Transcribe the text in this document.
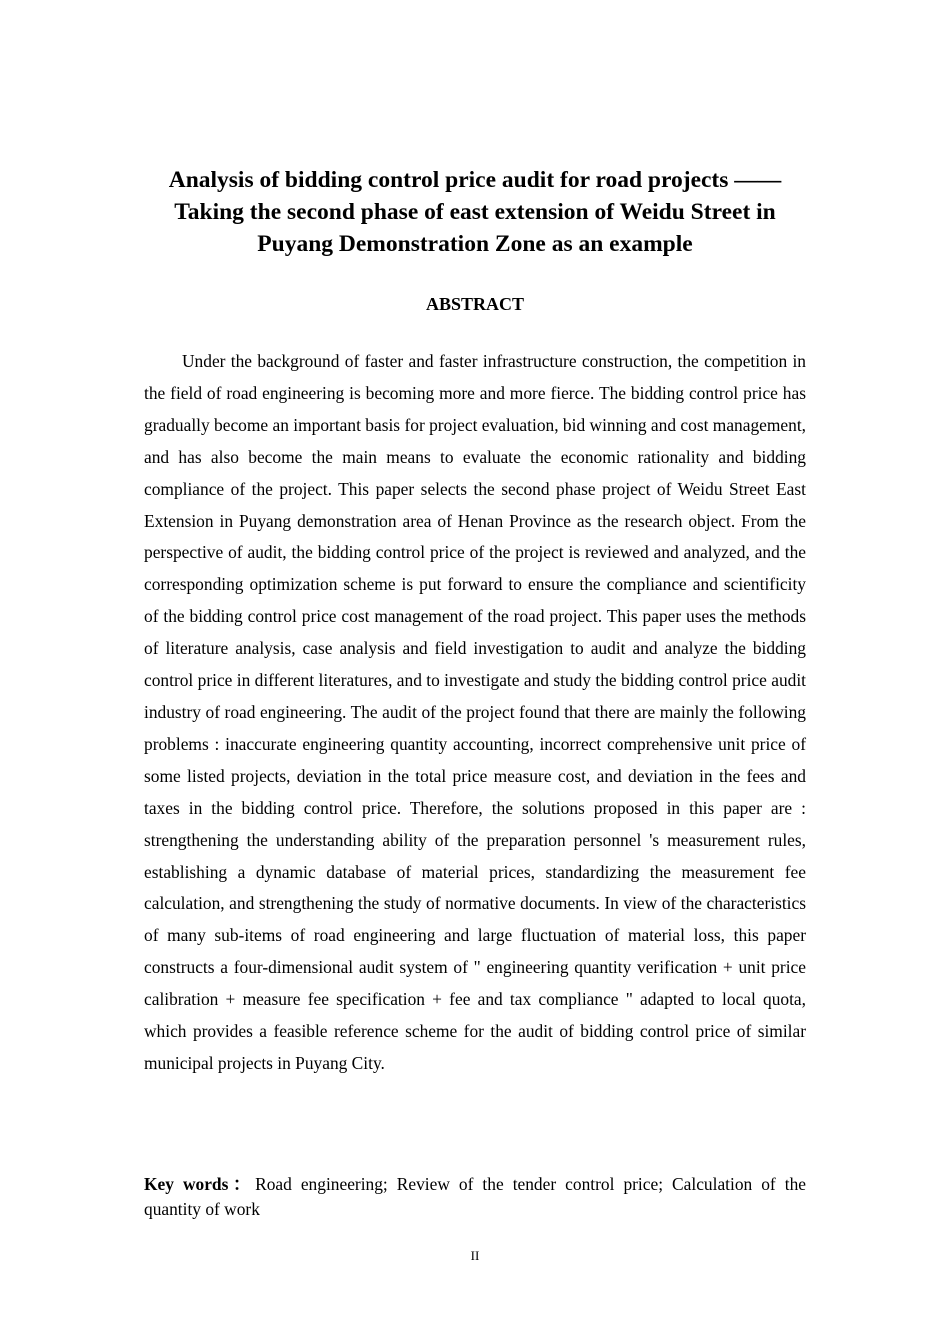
Analysis of bidding control price audit for road projects —— Taking the second phase of east extension of Weidu Street in Puyang Demonstration Zone as an example
ABSTRACT

Under the background of faster and faster infrastructure construction, the competition in the field of road engineering is becoming more and more fierce. The bidding control price has gradually become an important basis for project evaluation, bid winning and cost management, and has also become the main means to evaluate the economic rationality and bidding compliance of the project. This paper selects the second phase project of Weidu Street East Extension in Puyang demonstration area of Henan Province as the research object. From the perspective of audit, the bidding control price of the project is reviewed and analyzed, and the corresponding optimization scheme is put forward to ensure the compliance and scientificity of the bidding control price cost management of the road project. This paper uses the methods of literature analysis, case analysis and field investigation to audit and analyze the bidding control price in different literatures, and to investigate and study the bidding control price audit industry of road engineering. The audit of the project found that there are mainly the following problems : inaccurate engineering quantity accounting, incorrect comprehensive unit price of some listed projects, deviation in the total price measure cost, and deviation in the fees and taxes in the bidding control price. Therefore, the solutions proposed in this paper are : strengthening the understanding ability of the preparation personnel 's measurement rules, establishing a dynamic database of material prices, standardizing the measurement fee calculation, and strengthening the study of normative documents. In view of the characteristics of many sub-items of road engineering and large fluctuation of material loss, this paper constructs a four-dimensional audit system of " engineering quantity verification + unit price calibration + measure fee specification + fee and tax compliance " adapted to local quota, which provides a feasible reference scheme for the audit of bidding control price of similar municipal projects in Puyang City.

Key words：Road engineering; Review of the tender control price; Calculation of the quantity of work

II
